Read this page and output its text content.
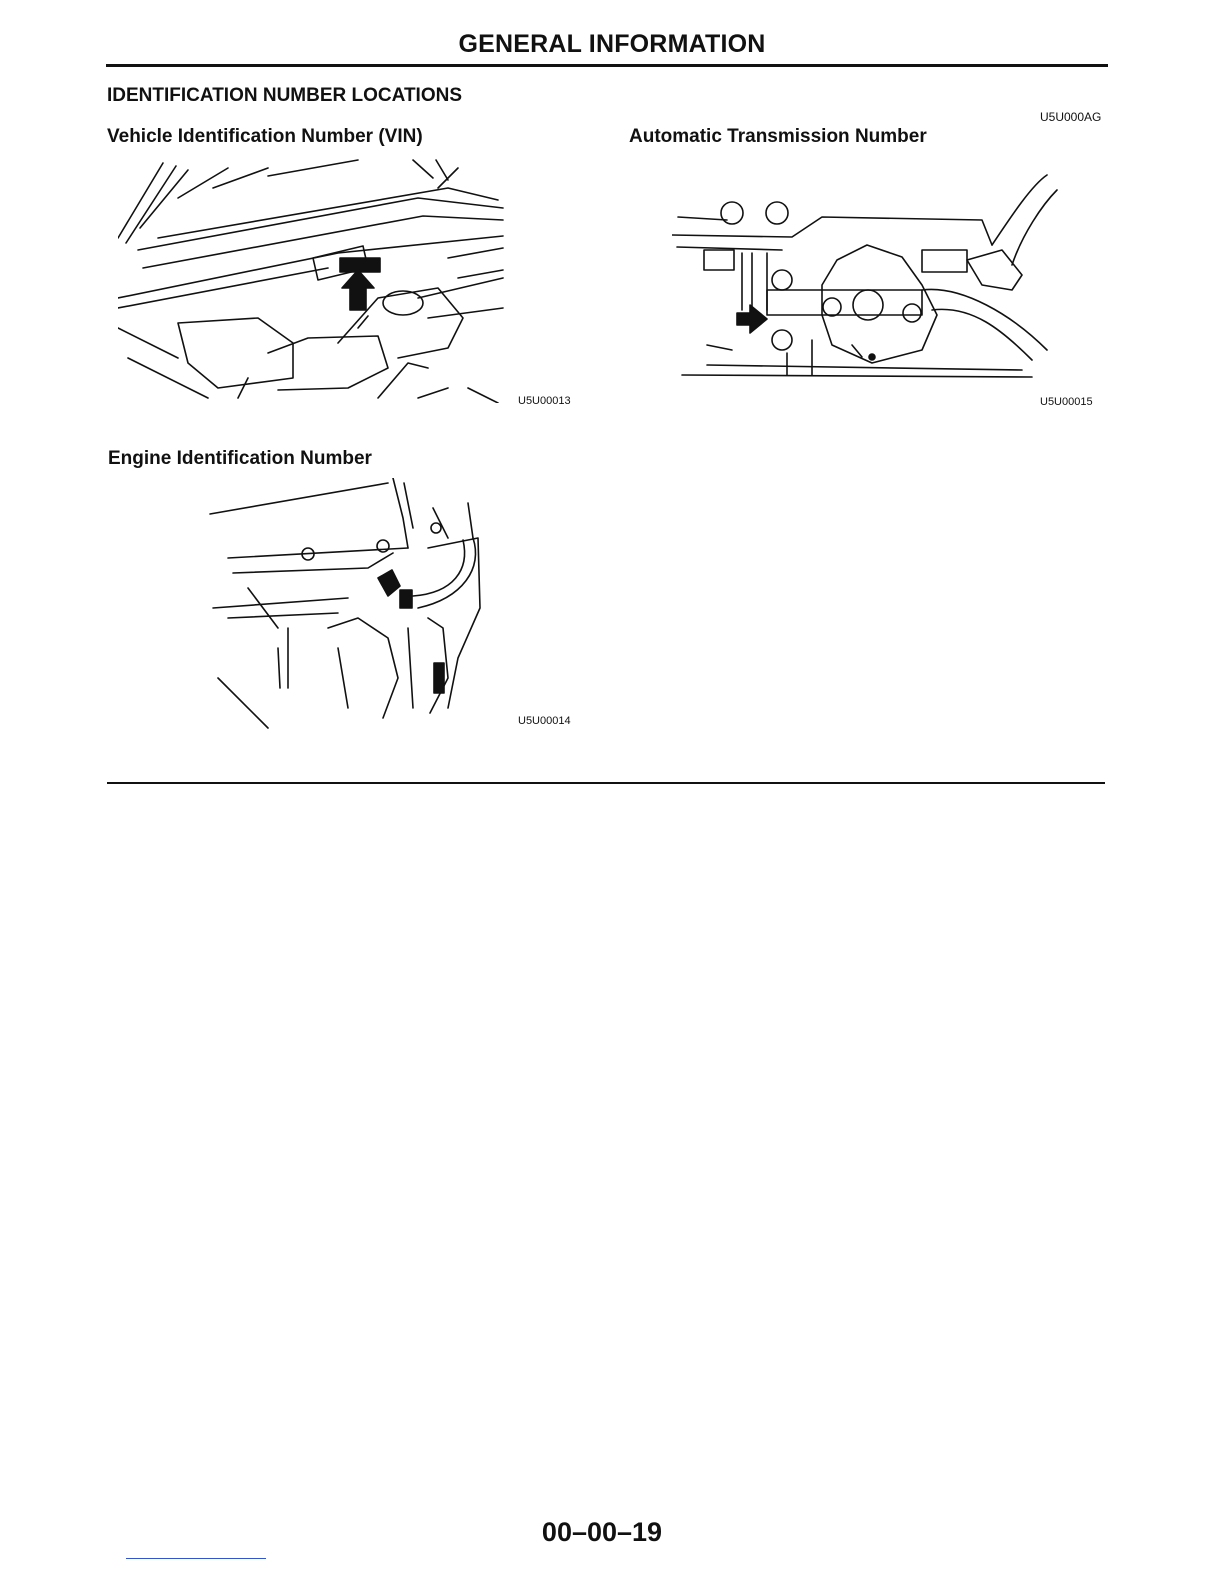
GENERAL INFORMATION
IDENTIFICATION NUMBER LOCATIONS
U5U000AG
Vehicle Identification Number (VIN)
U5U00013
Automatic Transmission Number
U5U00015
Engine Identification Number
U5U00014
00–00–19
